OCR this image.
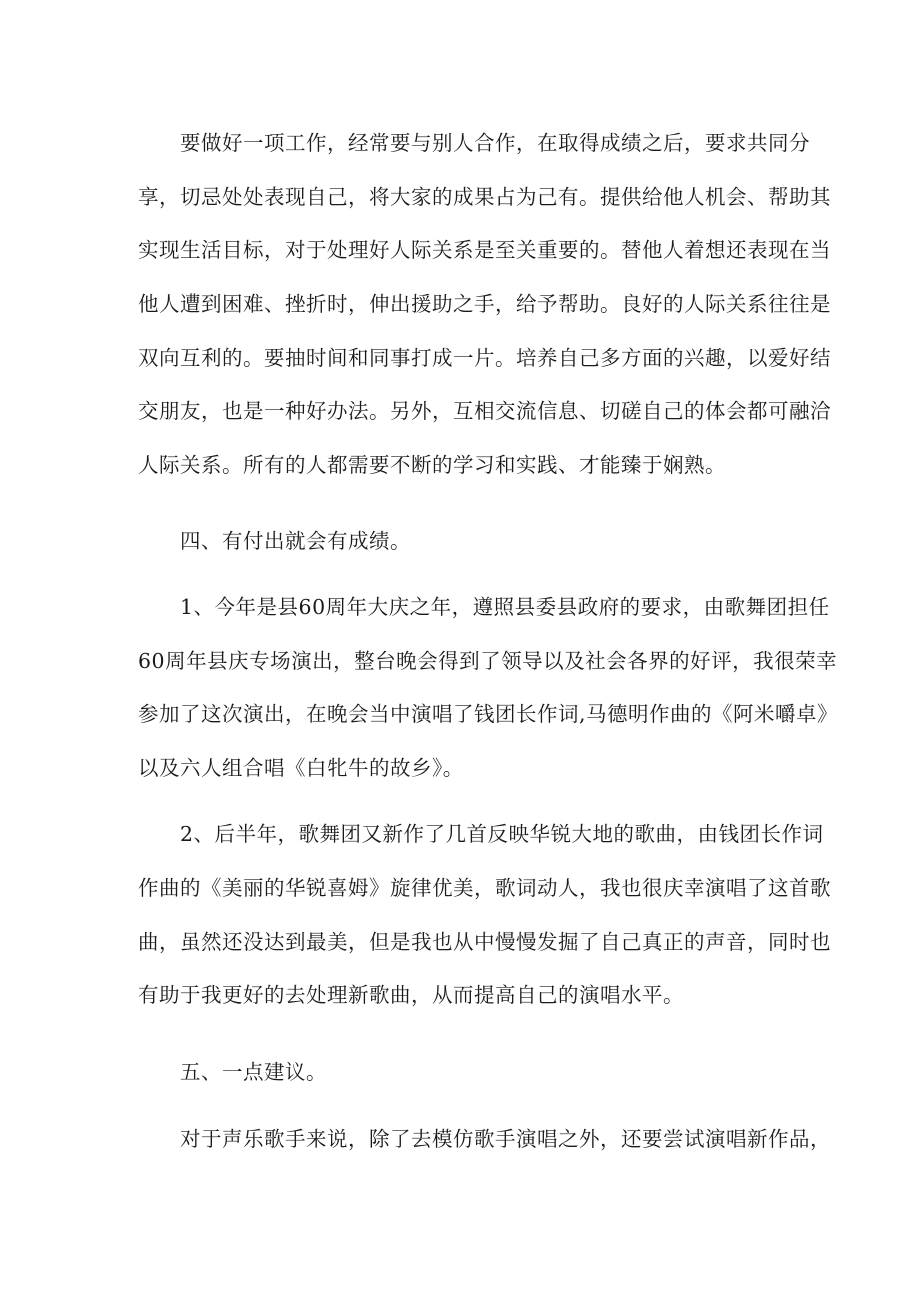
要做好一项工作，经常要与别人合作，在取得成绩之后，要求共同分

享，切忌处处表现自己，将大家的成果占为己有。提供给他人机会、帮助其

实现生活目标，对于处理好人际关系是至关重要的。替他人着想还表现在当

他人遭到困难、挫折时，伸出援助之手，给予帮助。良好的人际关系往往是

双向互利的。要抽时间和同事打成一片。培养自己多方面的兴趣，以爱好结

交朋友，也是一种好办法。另外，互相交流信息、切磋自己的体会都可融洽

人际关系。所有的人都需要不断的学习和实践、才能臻于娴熟。

四、有付出就会有成绩。

1、今年是县60周年大庆之年，遵照县委县政府的要求，由歌舞团担任

60周年县庆专场演出，整台晚会得到了领导以及社会各界的好评，我很荣幸

参加了这次演出，在晚会当中演唱了钱团长作词,马德明作曲的《阿米嚼卓》

以及六人组合唱《白牝牛的故乡》。

2、后半年，歌舞团又新作了几首反映华锐大地的歌曲，由钱团长作词

作曲的《美丽的华锐喜姆》旋律优美，歌词动人，我也很庆幸演唱了这首歌

曲，虽然还没达到最美，但是我也从中慢慢发掘了自己真正的声音，同时也

有助于我更好的去处理新歌曲，从而提高自己的演唱水平。

五、一点建议。

对于声乐歌手来说，除了去模仿歌手演唱之外，还要尝试演唱新作品，
